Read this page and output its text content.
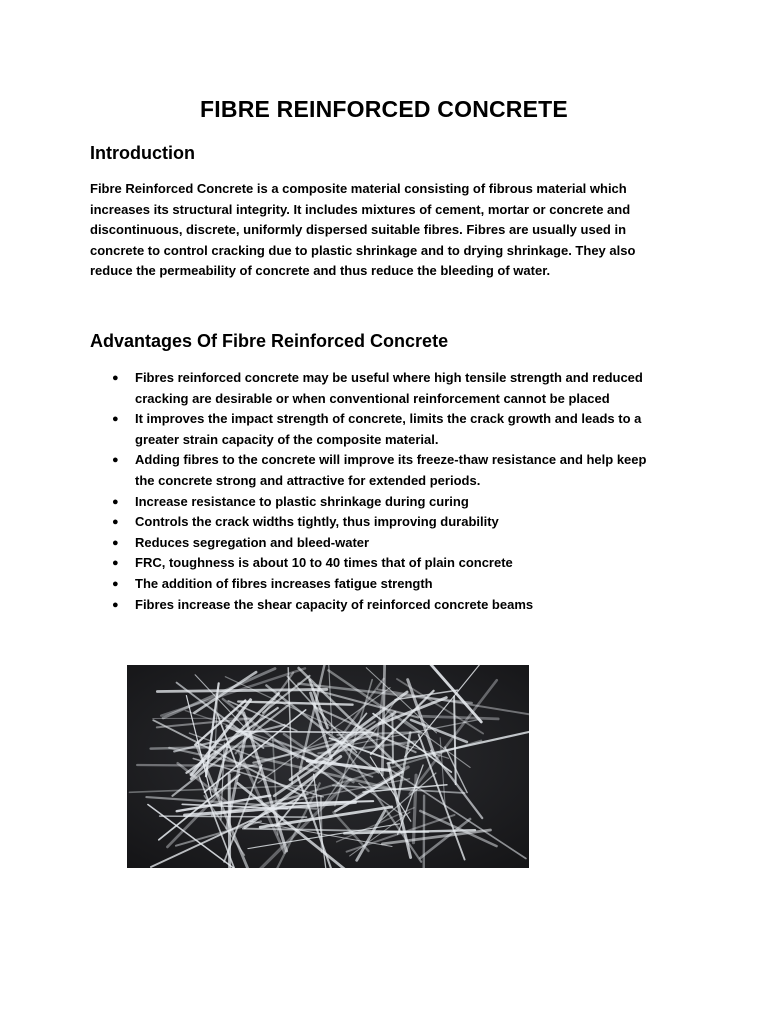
FIBRE REINFORCED CONCRETE
Introduction

Fibre Reinforced Concrete is a composite material consisting of fibrous material which increases its structural integrity. It includes mixtures of cement, mortar or concrete and discontinuous, discrete, uniformly dispersed suitable fibres. Fibres are usually used in concrete to control cracking due to plastic shrinkage and to drying shrinkage. They also reduce the permeability of concrete and thus reduce the bleeding of water.

Advantages Of Fibre Reinforced Concrete
● Fibres reinforced concrete may be useful where high tensile strength and reduced cracking are desirable or when conventional reinforcement cannot be placed
● It improves the impact strength of concrete, limits the crack growth and leads to a greater strain capacity of the composite material.
● Adding fibres to the concrete will improve its freeze-thaw resistance and help keep the concrete strong and attractive for extended periods.
● Increase resistance to plastic shrinkage during curing
● Controls the crack widths tightly, thus improving durability
● Reduces segregation and bleed-water
● FRC, toughness is about 10 to 40 times that of plain concrete
● The addition of fibres increases fatigue strength
● Fibres increase the shear capacity of reinforced concrete beams
